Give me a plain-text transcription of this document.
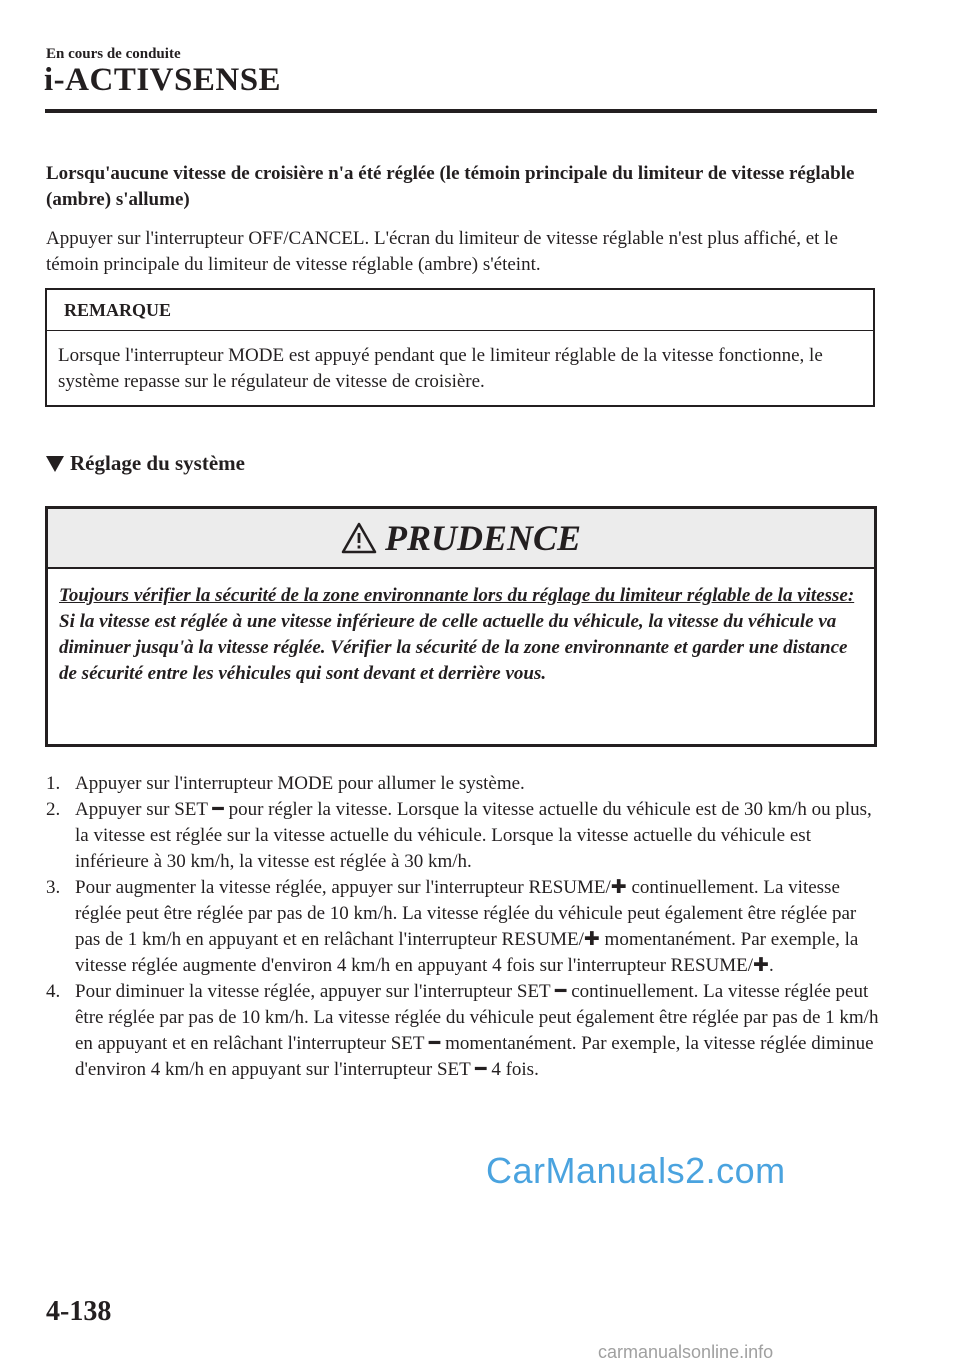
En cours de conduite
i-ACTIVSENSE
Lorsqu'aucune vitesse de croisière n'a été réglée (le témoin principale du limiteur de vitesse réglable (ambre) s'allume)
Appuyer sur l'interrupteur OFF/CANCEL. L'écran du limiteur de vitesse réglable n'est plus affiché, et le témoin principale du limiteur de vitesse réglable (ambre) s'éteint.
REMARQUE
Lorsque l'interrupteur MODE est appuyé pendant que le limiteur réglable de la vitesse fonctionne, le système repasse sur le régulateur de vitesse de croisière.
Réglage du système
PRUDENCE
Toujours vérifier la sécurité de la zone environnante lors du réglage du limiteur réglable de la vitesse:
Si la vitesse est réglée à une vitesse inférieure de celle actuelle du véhicule, la vitesse du véhicule va diminuer jusqu'à la vitesse réglée. Vérifier la sécurité de la zone environnante et garder une distance de sécurité entre les véhicules qui sont devant et derrière vous.
1. Appuyer sur l'interrupteur MODE pour allumer le système.
2. Appuyer sur SET ━ pour régler la vitesse. Lorsque la vitesse actuelle du véhicule est de 30 km/h ou plus, la vitesse est réglée sur la vitesse actuelle du véhicule. Lorsque la vitesse actuelle du véhicule est inférieure à 30 km/h, la vitesse est réglée à 30 km/h.
3. Pour augmenter la vitesse réglée, appuyer sur l'interrupteur RESUME/✚ continuellement. La vitesse réglée peut être réglée par pas de 10 km/h. La vitesse réglée du véhicule peut également être réglée par pas de 1 km/h en appuyant et en relâchant l'interrupteur RESUME/✚ momentanément. Par exemple, la vitesse réglée augmente d'environ 4 km/h en appuyant 4 fois sur l'interrupteur RESUME/✚.
4. Pour diminuer la vitesse réglée, appuyer sur l'interrupteur SET ━ continuellement. La vitesse réglée peut être réglée par pas de 10 km/h. La vitesse réglée du véhicule peut également être réglée par pas de 1 km/h en appuyant et en relâchant l'interrupteur SET ━ momentanément. Par exemple, la vitesse réglée diminue d'environ 4 km/h en appuyant sur l'interrupteur SET ━ 4 fois.
CarManuals2.com
4-138
carmanualsonline.info
